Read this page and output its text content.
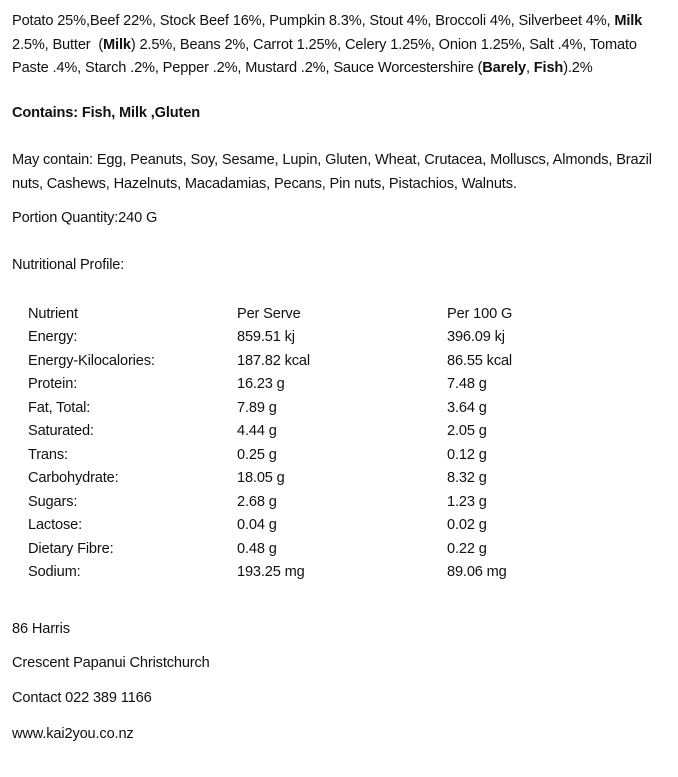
Potato 25%,Beef 22%, Stock Beef 16%, Pumpkin 8.3%, Stout 4%, Broccoli 4%, Silverbeet 4%, Milk 2.5%, Butter  (Milk) 2.5%, Beans 2%, Carrot 1.25%, Celery 1.25%, Onion 1.25%, Salt .4%, Tomato Paste .4%, Starch .2%, Pepper .2%, Mustard .2%, Sauce Worcestershire (Barely, Fish).2%

Contains: Fish, Milk ,Gluten

May contain: Egg, Peanuts, Soy, Sesame, Lupin, Gluten, Wheat, Crutacea, Molluscs, Almonds, Brazil nuts, Cashews, Hazelnuts, Macadamias, Pecans, Pin nuts, Pistachios, Walnuts.

Portion Quantity:240 G

Nutritional Profile:

Nutrient	Per Serve	Per 100 G
Energy:	859.51 kj	396.09 kj
Energy-Kilocalories:	187.82 kcal	86.55 kcal
Protein:	16.23 g	7.48 g
Fat, Total:	7.89 g	3.64 g
Saturated:	4.44 g	2.05 g
Trans:	0.25 g	0.12 g
Carbohydrate:	18.05 g	8.32 g
Sugars:	2.68 g	1.23 g
Lactose:	0.04 g	0.02 g
Dietary Fibre:	0.48 g	0.22 g
Sodium:	193.25 mg	89.06 mg

86 Harris

Crescent Papanui Christchurch

Contact 022 389 1166

www.kai2you.co.nz
